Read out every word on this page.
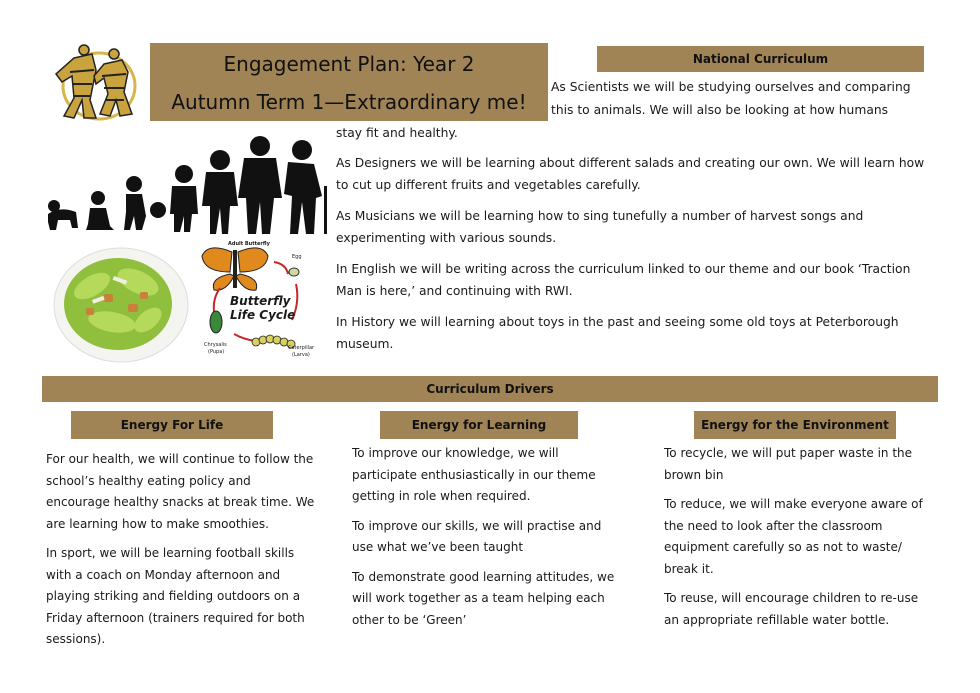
Engagement Plan: Year 2
Autumn Term 1—Extraordinary me!
National Curriculum
As Scientists we will be studying ourselves and comparing
this to animals. We will also be looking at how humans
stay fit and healthy.

As Designers we will be learning about different salads and creating our own. We will learn how to cut up different fruits and vegetables carefully.

As Musicians we will be learning how to sing tunefully a number of harvest songs and experimenting with various sounds.

In English we will be writing across the curriculum linked to our theme and our book ‘Traction Man is here,’ and continuing with RWI.

In History we will learning about toys in the past and seeing some old toys at Peterborough museum.

Adult Butterfly
Egg
Butterfly
Life Cycle
Chrysalis
(Pupa)
Caterpillar
(Larva)
Curriculum Drivers
Energy For Life

For our health, we will continue to follow the school’s healthy eating policy and encourage healthy snacks at break time. We are learning how to make smoothies.

In sport, we will be learning football skills with a coach on Monday afternoon and playing striking and fielding outdoors on a Friday afternoon (trainers required for both sessions).

Energy for Learning

To improve our knowledge, we will participate enthusiastically in our theme getting in role when required.

To improve our skills, we will practise and use what we’ve been taught

To demonstrate good learning attitudes, we will work together as a team helping each other to be ‘Green’

Energy for the Environment

To recycle, we will put paper waste in the brown bin

To reduce, we will make everyone aware of the need to look after the classroom equipment carefully so as not to waste/ break it.

To reuse, will encourage children to re-use an appropriate refillable water bottle.
